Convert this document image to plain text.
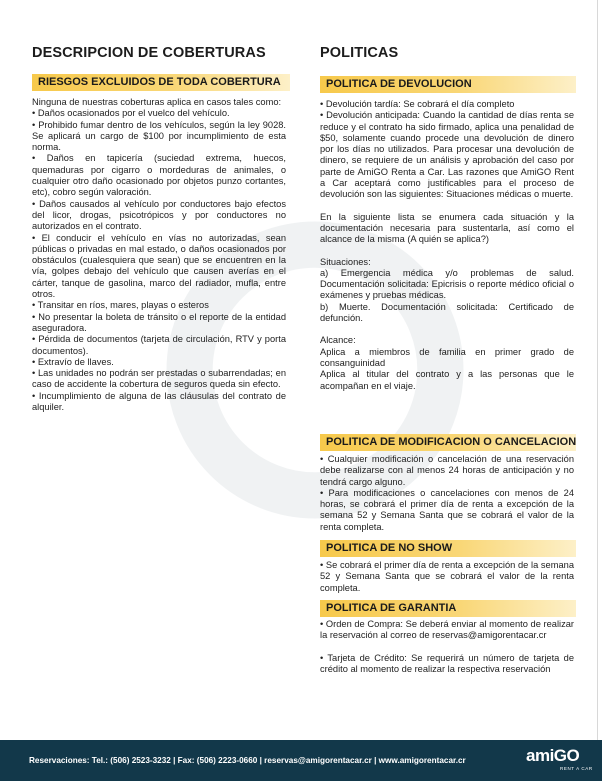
DESCRIPCION DE COBERTURAS
RIESGOS EXCLUIDOS DE TODA COBERTURA

Ninguna de nuestras coberturas aplica en casos tales como:

• Daños ocasionados por el vuelco del vehículo.

• Prohibido fumar dentro de los vehículos, según la ley 9028. Se aplicará un cargo de $100 por incumplimiento de esta norma.

• Daños en tapicería (suciedad extrema, huecos, quemaduras por cigarro o mordeduras de animales, o cualquier otro daño ocasionado por objetos punzo cortantes, etc), cobro según valoración.

• Daños causados al vehículo por conductores bajo efectos del licor, drogas, psicotrópicos y por conductores no autorizados en el contrato.

• El conducir el vehículo en vías no autorizadas, sean públicas o privadas en mal estado, o daños ocasionados por obstáculos (cualesquiera que sean) que se encuentren en la vía, golpes debajo del vehículo que causen averías en el cárter, tanque de gasolina, marco del radiador, mufla, entre otros.

• Transitar en ríos, mares, playas o esteros

• No presentar la boleta de tránsito o el reporte de la entidad aseguradora.

• Pérdida de documentos (tarjeta de circulación, RTV y porta documentos).

• Extravío de llaves.

• Las unidades no podrán ser prestadas o subarrendadas; en caso de accidente la cobertura de seguros queda sin efecto.

• Incumplimiento de alguna de las cláusulas del contrato de alquiler.

POLITICAS
POLITICA DE DEVOLUCION

• Devolución tardía: Se cobrará el día completo

• Devolución anticipada: Cuando la cantidad de días renta se reduce y el contrato ha sido firmado, aplica una penalidad de $50, solamente cuando procede una devolución de dinero por los días no utilizados. Para procesar una devolución de dinero, se requiere de un análisis y aprobación del caso por parte de AmiGO Renta a Car. Las razones que AmiGO Rent a Car aceptará como justificables para el proceso de devolución son las siguientes: Situaciones médicas o muerte.

En la siguiente lista se enumera cada situación y la documentación necesaria para sustentarla, así como el alcance de la misma (A quién se aplica?)

Situaciones:

a) Emergencia médica y/o problemas de salud. Documentación solicitada: Epicrisis o reporte médico oficial o exámenes y pruebas médicas.

b) Muerte. Documentación solicitada: Certificado de defunción.

Alcance:

Aplica a miembros de familia en primer grado de consanguinidad

Aplica al titular del contrato y a las personas que le acompañan en el viaje.

POLITICA DE MODIFICACION O CANCELACION

• Cualquier modificación o cancelación de una reservación debe realizarse con al menos 24 horas de anticipación y no tendrá cargo alguno.

• Para modificaciones o cancelaciones con menos de 24 horas, se cobrará el primer día de renta a excepción de la semana 52 y Semana Santa que se cobrará el valor de la renta completa.

POLITICA DE NO SHOW

• Se cobrará el primer día de renta a excepción de la semana 52 y Semana Santa que se cobrará el valor de la renta completa.

POLITICA DE GARANTIA

• Orden de Compra: Se deberá enviar al momento de realizar la reservación al correo de reservas@amigorentacar.cr

• Tarjeta de Crédito: Se requerirá un número de tarjeta de crédito al momento de realizar la respectiva reservación

Reservaciones: Tel.: (506) 2523-3232 | Fax: (506) 2223-0660 | reservas@amigorentacar.cr | www.amigorentacar.cr	amiGO
RENT A CAR
